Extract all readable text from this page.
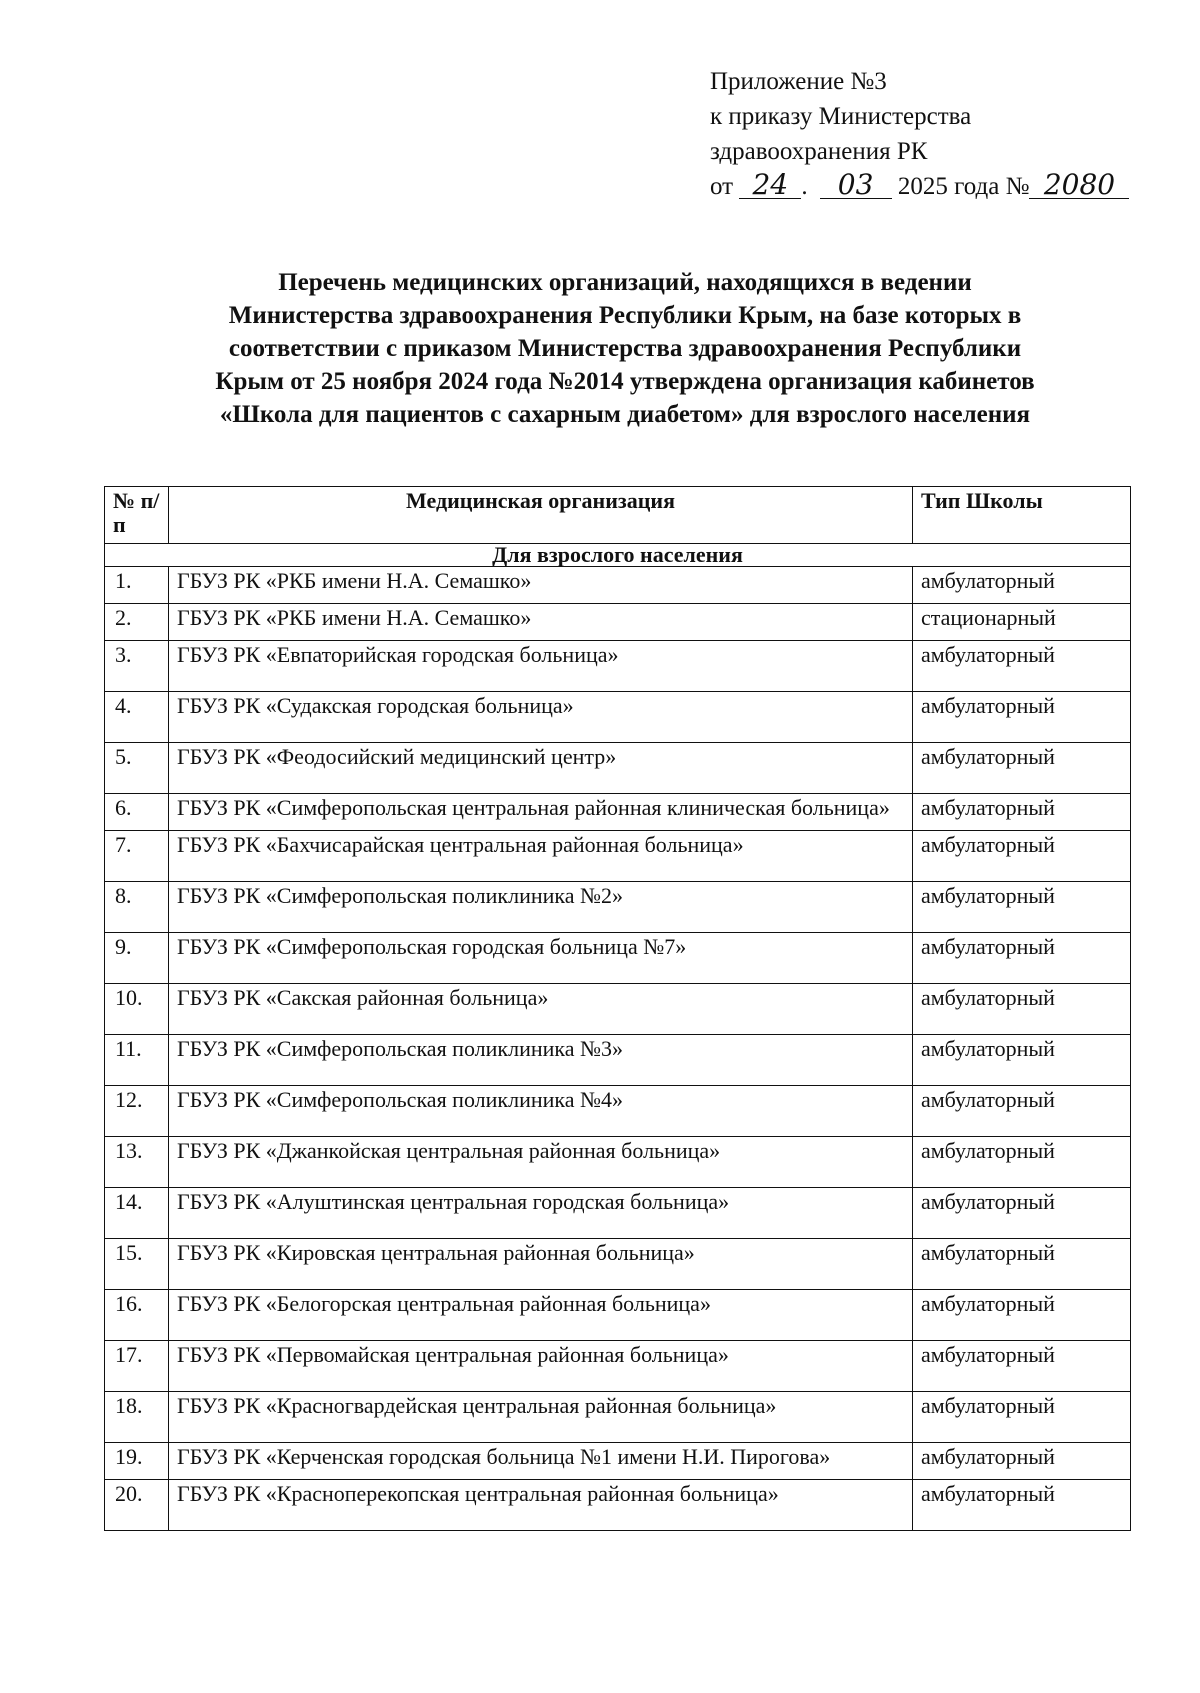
Приложение №3
к приказу Министерства
здравоохранения РК
от 24 . 03 2025 года № 2080
Перечень медицинских организаций, находящихся в ведении
Министерства здравоохранения Республики Крым, на базе которых в
соответствии с приказом Министерства здравоохранения Республики
Крым от 25 ноября 2024 года №2014 утверждена организация кабинетов
«Школа для пациентов с сахарным диабетом» для взрослого населения
№ п/п	Медицинская организация	Тип Школы
Для взрослого населения		
1.	ГБУЗ РК «РКБ имени Н.А. Семашко»	амбулаторный
2.	ГБУЗ РК «РКБ имени Н.А. Семашко»	стационарный
3.	ГБУЗ РК «Евпаторийская городская больница»	амбулаторный
4.	ГБУЗ РК «Судакская городская больница»	амбулаторный
5.	ГБУЗ РК «Феодосийский медицинский центр»	амбулаторный
6.	ГБУЗ РК «Симферопольская центральная районная клиническая больница»	амбулаторный
7.	ГБУЗ РК «Бахчисарайская центральная районная больница»	амбулаторный
8.	ГБУЗ РК «Симферопольская поликлиника №2»	амбулаторный
9.	ГБУЗ РК «Симферопольская городская больница №7»	амбулаторный
10.	ГБУЗ РК «Сакская районная больница»	амбулаторный
11.	ГБУЗ РК «Симферопольская поликлиника №3»	амбулаторный
12.	ГБУЗ РК «Симферопольская поликлиника №4»	амбулаторный
13.	ГБУЗ РК «Джанкойская центральная районная больница»	амбулаторный
14.	ГБУЗ РК «Алуштинская центральная городская больница»	амбулаторный
15.	ГБУЗ РК «Кировская центральная районная больница»	амбулаторный
16.	ГБУЗ РК «Белогорская центральная районная больница»	амбулаторный
17.	ГБУЗ РК «Первомайская центральная районная больница»	амбулаторный
18.	ГБУЗ РК «Красногвардейская центральная районная больница»	амбулаторный
19.	ГБУЗ РК «Керченская городская больница №1 имени Н.И. Пирогова»	амбулаторный
20.	ГБУЗ РК «Красноперекопская центральная районная больница»	амбулаторный
